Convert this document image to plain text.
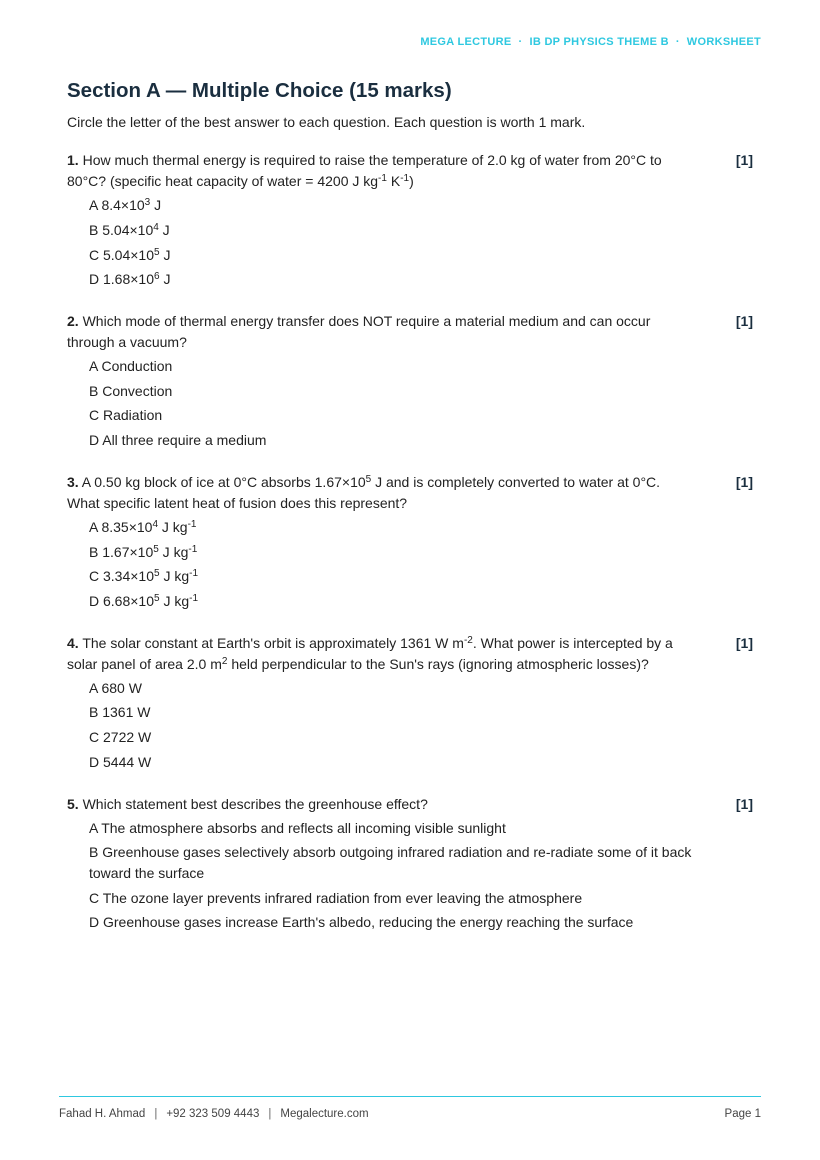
MEGA LECTURE · IB DP PHYSICS THEME B · WORKSHEET
Section A — Multiple Choice (15 marks)
Circle the letter of the best answer to each question. Each question is worth 1 mark.
1. How much thermal energy is required to raise the temperature of 2.0 kg of water from 20°C to 80°C? (specific heat capacity of water = 4200 J $kg^{-1}$ $K^{-1}$)
[1]
A $8.4\times 10^3$ J
B $5.04\times 10^4$ J
C $5.04\times 10^5$ J
D $1.68\times 10^6$ J
2. Which mode of thermal energy transfer does NOT require a material medium and can occur through a vacuum?
[1]
A Conduction
B Convection
C Radiation
D All three require a medium
3. A 0.50 kg block of ice at 0°C absorbs $1.67\times 10^5$ J and is completely converted to water at 0°C. What specific latent heat of fusion does this represent?
[1]
A $8.35\times 10^4$ J $kg^{-1}$
B $1.67\times 10^5$ J $kg^{-1}$
C $3.34\times 10^5$ J $kg^{-1}$
D $6.68\times 10^5$ J $kg^{-1}$
4. The solar constant at Earth's orbit is approximately 1361 W $m^{-2}$. What power is intercepted by a solar panel of area 2.0 $m^2$ held perpendicular to the Sun's rays (ignoring atmospheric losses)?
[1]
A 680 W
B 1361 W
C 2722 W
D 5444 W
5. Which statement best describes the greenhouse effect?	[1]
A The atmosphere absorbs and reflects all incoming visible sunlight
B Greenhouse gases selectively absorb outgoing infrared radiation and re-radiate some of it back toward the surface
C The ozone layer prevents infrared radiation from ever leaving the atmosphere
D Greenhouse gases increase Earth's albedo, reducing the energy reaching the surface
Fahad H. Ahmad | +92 323 509 4443 | Megalecture.com	Page 1
